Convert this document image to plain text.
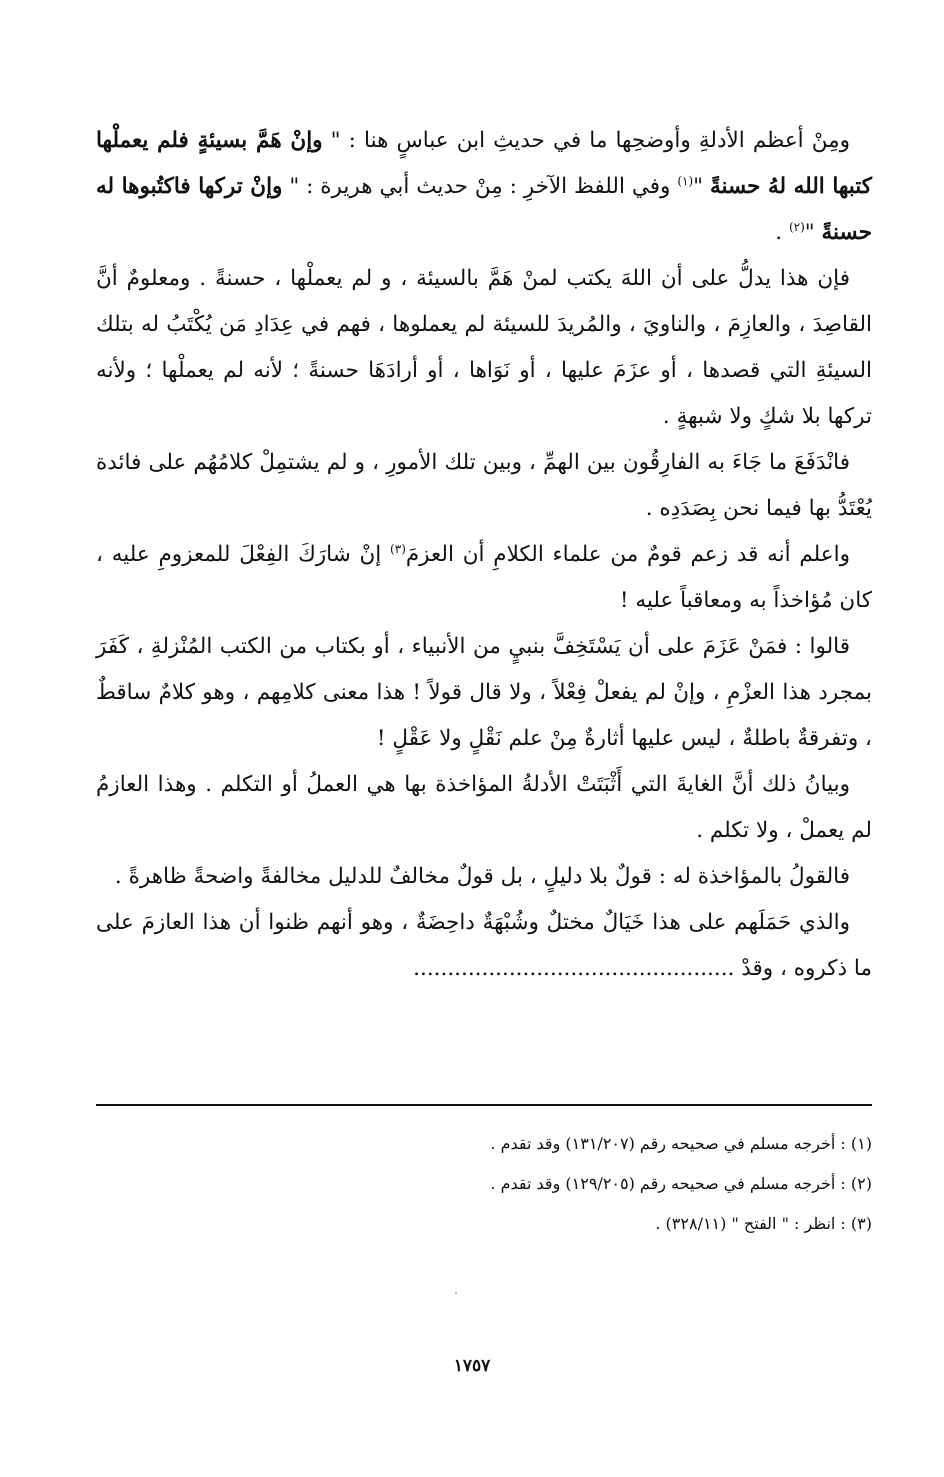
ومِنْ أعظم الأدلةِ وأوضحِها ما في حديثِ ابن عباسٍ هنا : " وإنْ هَمَّ بسيئةٍ فلم يعملْها كتبها الله لهُ حسنةً "$^{(١)}$ وفي اللفظ الآخرِ : مِنْ حديث أبي هريرة : " وإنْ تركها فاكتُبوها له حسنةً "$^{(٢)}$ .

فإن هذا يدلُّ على أن اللهَ يكتب لمنْ هَمَّ بالسيئة ، و لم يعملْها ، حسنةً . ومعلومٌ أنَّ القاصِدَ ، والعازِمَ ، والناويَ ، والمُريدَ للسيئة لم يعملوها ، فهم في عِدَادِ مَن يُكْتَبُ له بتلك السيئةِ التي قصدها ، أو عزَمَ عليها ، أو نَوَاها ، أو أرادَهَا حسنةً ؛ لأنه لم يعملْها ؛ ولأنه تركها بلا شكٍ ولا شبهةٍ .

فانْدَفَعَ ما جَاءَ به الفارِقُون بين الهمِّ ، وبين تلك الأمورِ ، و لم يشتمِلْ كلامُهُم على فائدة يُعْتَدُّ بها فيما نحن بِصَدَدِه .

واعلم أنه قد زعم قومٌ من علماء الكلامِ أن العزمَ$^{(٣)}$ إنْ شارَكَ الفِعْلَ للمعزومِ عليه ، كان مُؤاخذاً به ومعاقباً عليه !

قالوا : فمَنْ عَزَمَ على أن يَسْتَخِفَّ بنبيٍ من الأنبياء ، أو بكتاب من الكتب المُنْزلةِ ، كَفَرَ بمجرد هذا العزْمِ ، وإنْ لم يفعلْ فِعْلاً ، ولا قال قولاً ! هذا معنى كلامِهم ، وهو كلامٌ ساقطٌ ، وتفرقةٌ باطلةٌ ، ليس عليها أثارةٌ مِنْ علم نَقْلٍ ولا عَقْلٍ !

وبيانُ ذلك أنَّ الغايةَ التي أَثْبَتَتْ الأدلةُ المؤاخذة بها هي العملُ أو التكلم . وهذا العازمُ لم يعملْ ، ولا تكلم .

فالقولُ بالمؤاخذة له : قولٌ بلا دليلٍ ، بل قولٌ مخالفٌ للدليل مخالفةً واضحةً ظاهرةً .

والذي حَمَلَهم على هذا خَيَالٌ مختلٌ وشُبْهَةٌ داحِضَةٌ ، وهو أنهم ظنوا أن هذا العازمَ على ما ذكروه ، وقدْ ...............................................

(١) : أخرجه مسلم في صحيحه رقم (١٣١/٢٠٧) وقد تقدم .

(٢) : أخرجه مسلم في صحيحه رقم (١٢٩/٢٠٥) وقد تقدم .

(٣) : انظر : " الفتح " (٣٢٨/١١) .

١٧٥٧
